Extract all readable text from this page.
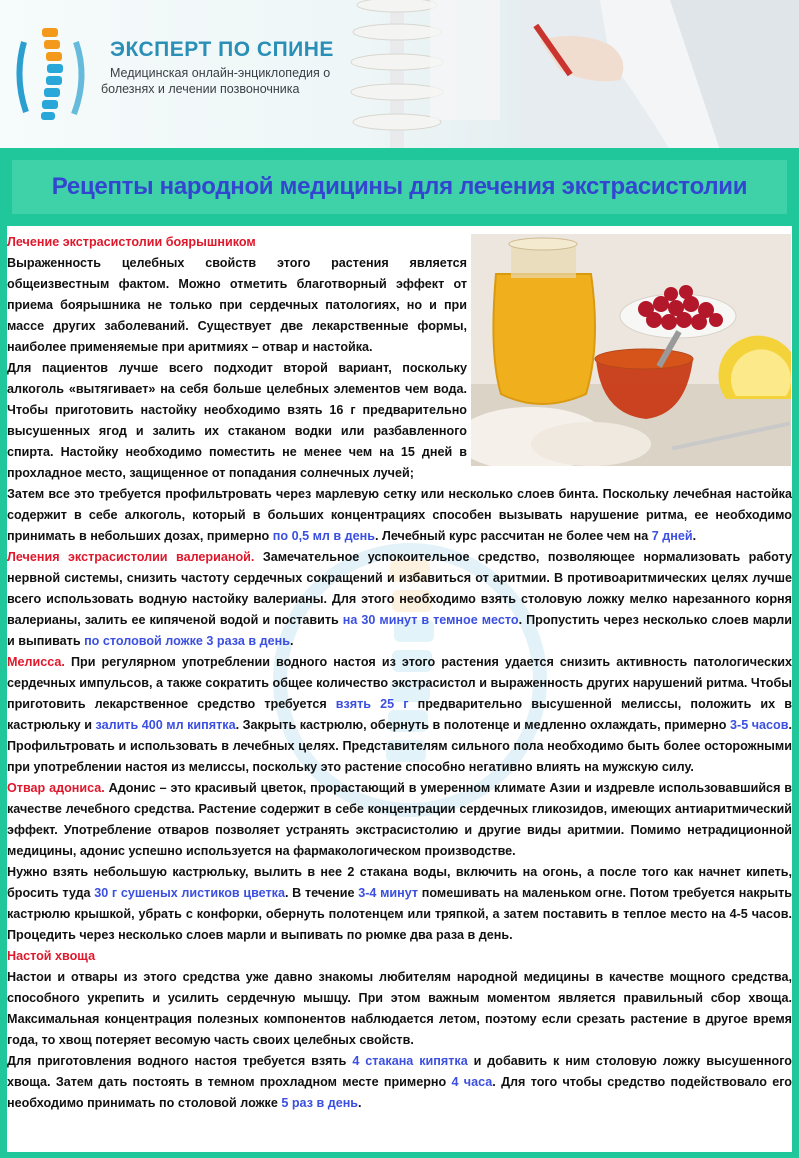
ЭКСПЕРТ ПО СПИНЕ
Медицинская онлайн-энциклопедия о
болезнях и лечении позвоночника
Рецепты народной медицины для лечения экстрасистолии

Лечение экстрасистолии боярышником

Выраженность целебных свойств этого растения является общеизвестным фактом. Можно отметить благотворный эффект от приема боярышника не только при сердечных патологиях, но и при массе других заболеваний. Существует две лекарственные формы, наиболее применяемые при аритмиях – отвар и настойка.

Для пациентов лучше всего подходит второй вариант, поскольку алкоголь «вытягивает» на себя больше целебных элементов чем вода. Чтобы приготовить настойку необходимо взять 16 г предварительно высушенных ягод и залить их стаканом водки или разбавленного спирта. Настойку необходимо поместить не менее чем на 15 дней в прохладное место, защищенное от попадания солнечных лучей;

Затем все это требуется профильтровать через марлевую сетку или несколько слоев бинта. Поскольку лечебная настойка содержит в себе алкоголь, который в больших концентрациях способен вызывать нарушение ритма, ее необходимо принимать в небольших дозах, примерно по 0,5 мл в день. Лечебный курс рассчитан не более чем на 7 дней.

Лечения экстрасистолии валерианой. Замечательное успокоительное средство, позволяющее нормализовать работу нервной системы, снизить частоту сердечных сокращений и избавиться от аритмии. В противоаритмических целях лучше всего использовать водную настойку валерианы. Для этого необходимо взять столовую ложку мелко нарезанного корня валерианы, залить ее кипяченой водой и поставить на 30 минут в темное место. Пропустить через несколько слоев марли и выпивать по столовой ложке 3 раза в день.

Мелисса. При регулярном употреблении водного настоя из этого растения удается снизить активность патологических сердечных импульсов, а также сократить общее количество экстрасистол и выраженность других нарушений ритма. Чтобы приготовить лекарственное средство требуется взять 25 г предварительно высушенной мелиссы, положить их в кастрюльку и залить 400 мл кипятка. Закрыть кастрюлю, обернуть в полотенце и медленно охлаждать, примерно 3-5 часов. Профильтровать и использовать в лечебных целях. Представителям сильного пола необходимо быть более осторожными при употреблении настоя из мелиссы, поскольку это растение способно негативно влиять на мужскую силу.

Отвар адониса. Адонис – это красивый цветок, прорастающий в умеренном климате Азии и издревле использовавшийся в качестве лечебного средства. Растение содержит в себе концентрации сердечных гликозидов, имеющих антиаритмический эффект. Употребление отваров позволяет устранять экстрасистолию и другие виды аритмии. Помимо нетрадиционной медицины, адонис успешно используется на фармакологическом производстве.

Нужно взять небольшую кастрюльку, вылить в нее 2 стакана воды, включить на огонь, а после того как начнет кипеть, бросить туда 30 г сушеных листиков цветка. В течение 3-4 минут помешивать на маленьком огне. Потом требуется накрыть кастрюлю крышкой, убрать с конфорки, обернуть полотенцем или тряпкой, а затем поставить в теплое место на 4-5 часов. Процедить через несколько слоев марли и выпивать по рюмке два раза в день.

Настой хвоща

Настои и отвары из этого средства уже давно знакомы любителям народной медицины в качестве мощного средства, способного укрепить и усилить сердечную мышцу. При этом важным моментом является правильный сбор хвоща. Максимальная концентрация полезных компонентов наблюдается летом, поэтому если срезать растение в другое время года, то хвощ потеряет весомую часть своих целебных свойств.

Для приготовления водного настоя требуется взять 4 стакана кипятка и добавить к ним столовую ложку высушенного хвоща. Затем дать постоять в темном прохладном месте примерно 4 часа. Для того чтобы средство подействовало его необходимо принимать по столовой ложке 5 раз в день.
